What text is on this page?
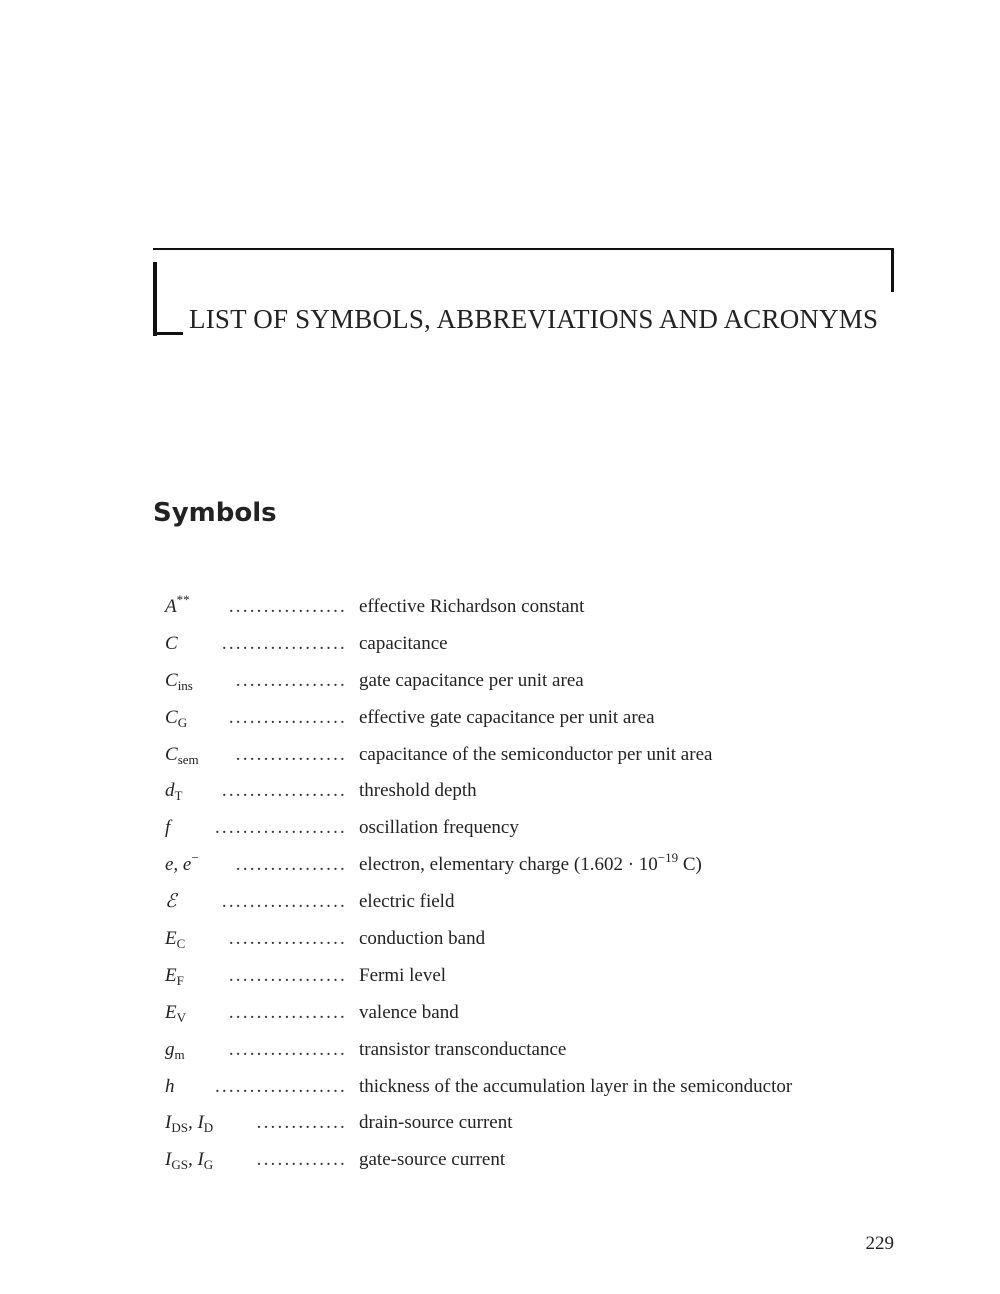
LIST OF SYMBOLS, ABBREVIATIONS AND ACRONYMS
Symbols
A** ................. effective Richardson constant
C .................. capacitance
$C_{ins}$ ................ gate capacitance per unit area
$C_G$ ................. effective gate capacitance per unit area
$C_{sem}$ ................ capacitance of the semiconductor per unit area
$d_T$ .................. threshold depth
f ................... oscillation frequency
e, e− ................ electron, elementary charge ($1.602 \cdot 10^{-19}$ C)
ℰ .................. electric field
$E_C$ ................. conduction band
$E_F$ ................. Fermi level
$E_V$ ................. valence band
$g_m$ ................. transistor transconductance
h ................... thickness of the accumulation layer in the semiconductor
$I_{DS}$, $I_D$ ............. drain-source current
$I_{GS}$, $I_G$ ............. gate-source current
229
